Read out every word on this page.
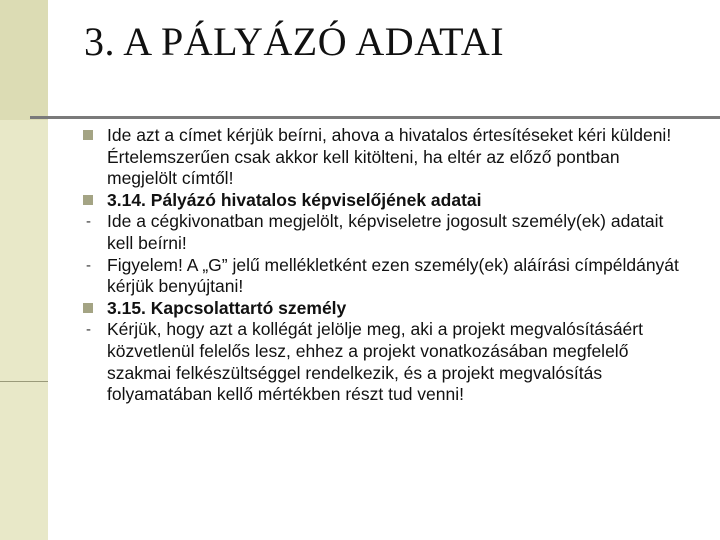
3. A PÁLYÁZÓ ADATAI
Ide azt a címet kérjük beírni, ahova a hivatalos értesítéseket kéri küldeni! Értelemszerűen csak akkor kell kitölteni, ha eltér az előző pontban megjelölt címtől!
3.14. Pályázó hivatalos képviselőjének adatai
- Ide a cégkivonatban megjelölt, képviseletre jogosult személy(ek) adatait kell beírni!
- Figyelem! A „G” jelű mellékletként ezen személy(ek) aláírási címpéldányát kérjük benyújtani!
3.15. Kapcsolattartó személy
- Kérjük, hogy azt a kollégát jelölje meg, aki a projekt megvalósításáért közvetlenül felelős lesz, ehhez a projekt vonatkozásában megfelelő szakmai felkészültséggel rendelkezik, és a projekt megvalósítás folyamatában kellő mértékben részt tud venni!
